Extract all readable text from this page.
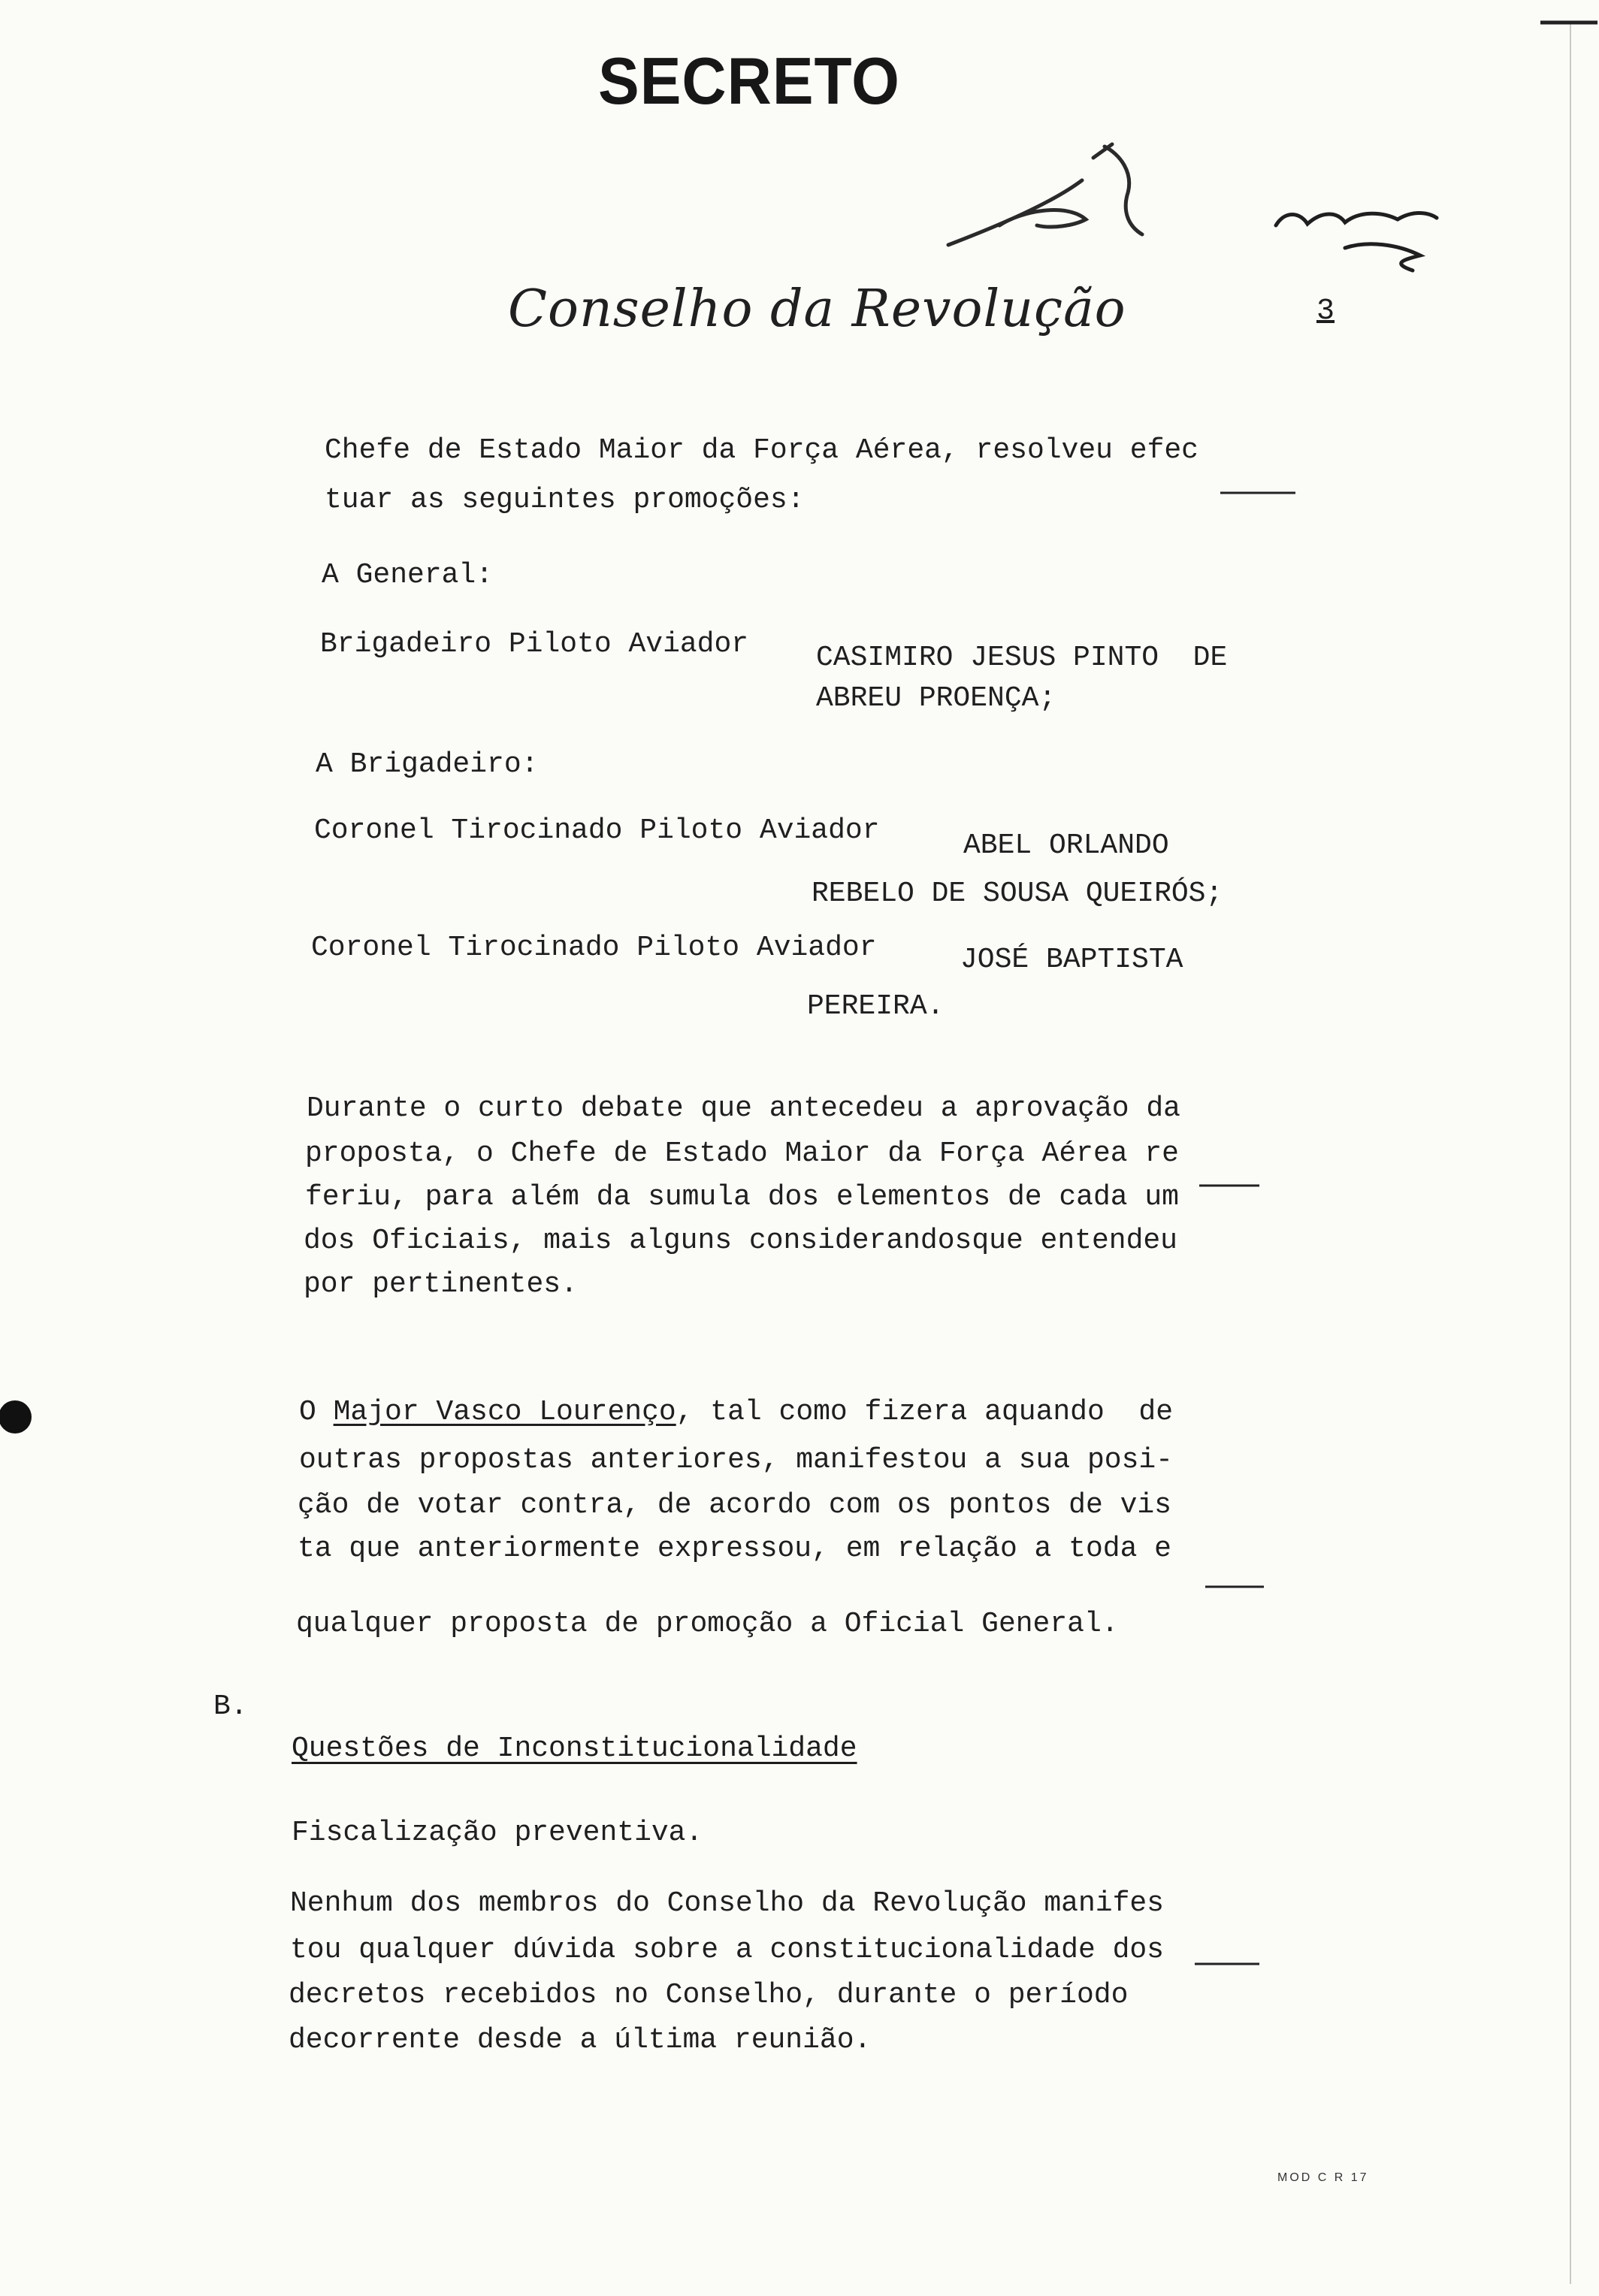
SECRETO
Conselho da Revolução	3
Chefe de Estado Maior da Força Aérea, resolveu efec
tuar as seguintes promoções:
A General:
Brigadeiro Piloto Aviador CASIMIRO JESUS PINTO  DE
ABREU PROENÇA;
A Brigadeiro:
Coronel Tirocinado Piloto Aviador	ABEL ORLANDO
REBELO DE SOUSA QUEIRÓS;
Coronel Tirocinado Piloto Aviador	JOSÉ BAPTISTA
PEREIRA.
Durante o curto debate que antecedeu a aprovação da
proposta, o Chefe de Estado Maior da Força Aérea re
feriu, para além da sumula dos elementos de cada um
dos Oficiais, mais alguns considerandosque entendeu
por pertinentes.
O Major Vasco Lourenço, tal como fizera aquando  de
outras propostas anteriores, manifestou a sua posi-
ção de votar contra, de acordo com os pontos de vis
ta que anteriormente expressou, em relação a toda e
qualquer proposta de promoção a Oficial General.
B.
Questões de Inconstitucionalidade
Fiscalização preventiva.
Nenhum dos membros do Conselho da Revolução manifes
tou qualquer dúvida sobre a constitucionalidade dos
decretos recebidos no Conselho, durante o período
decorrente desde a última reunião.
MOD C R 17
